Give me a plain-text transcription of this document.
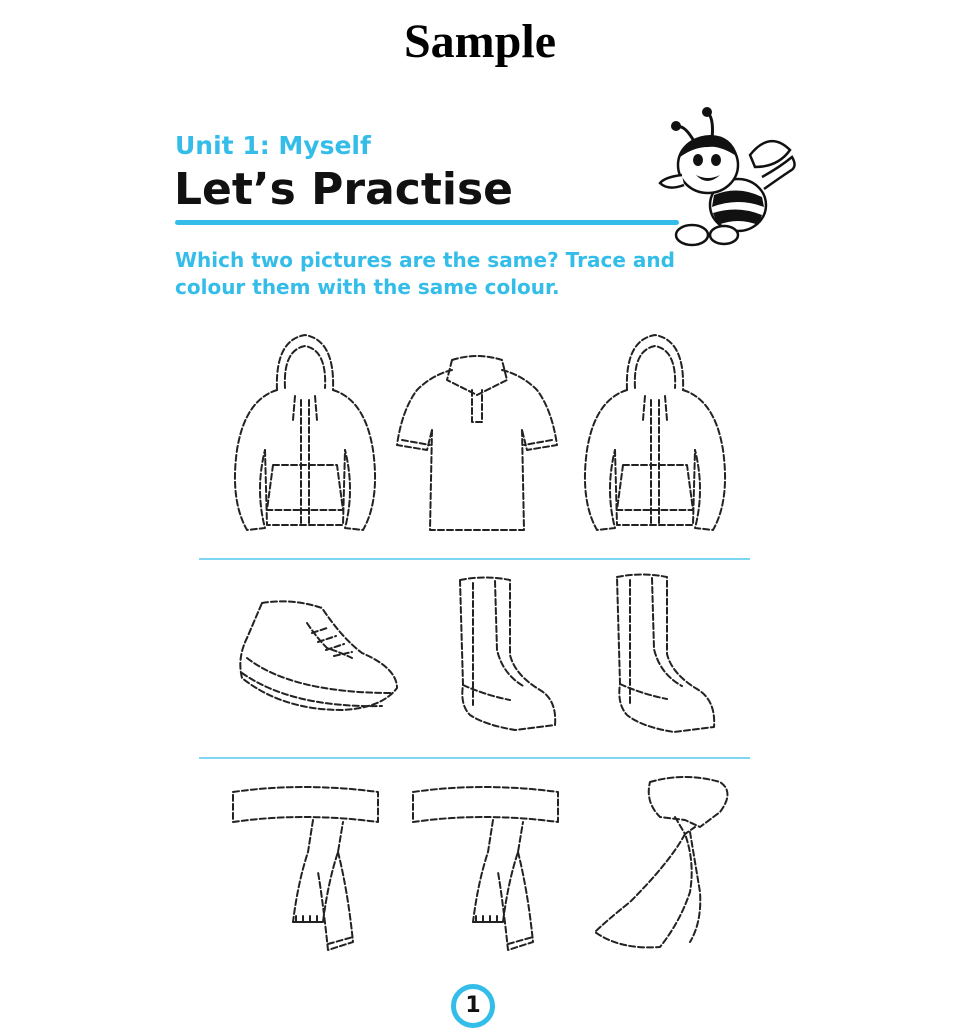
Sample
Unit 1: Myself
Let’s Practise
Which two pictures are the same? Trace and colour them with the same colour.
1
